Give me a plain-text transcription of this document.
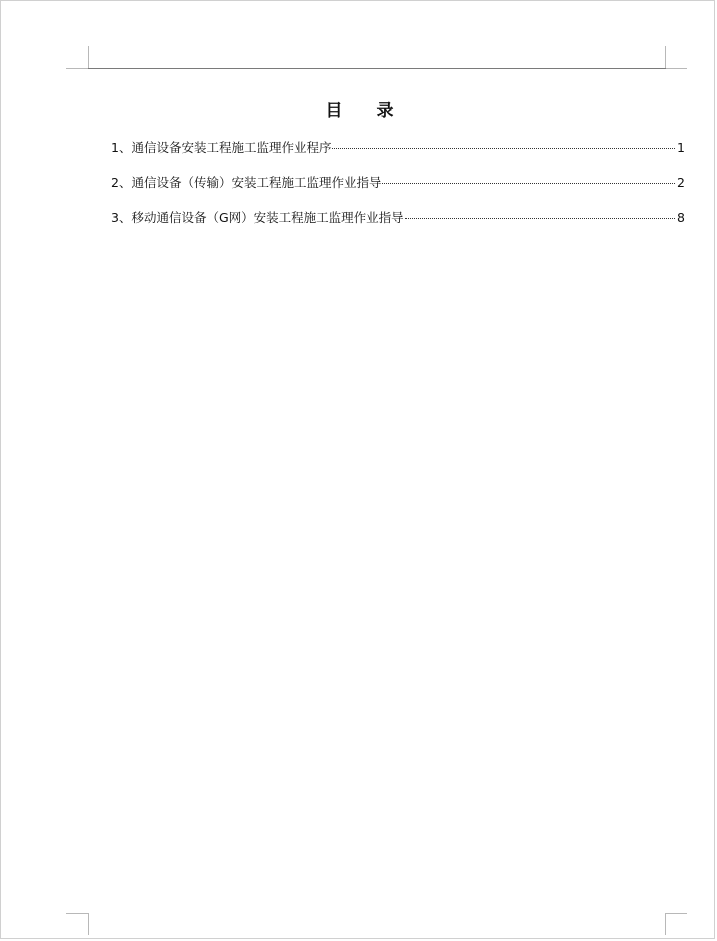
目 录
1、通信设备安装工程施工监理作业程序	1
2、通信设备（传输）安装工程施工监理作业指导	2
3、移动通信设备（G网）安装工程施工监理作业指导	8
